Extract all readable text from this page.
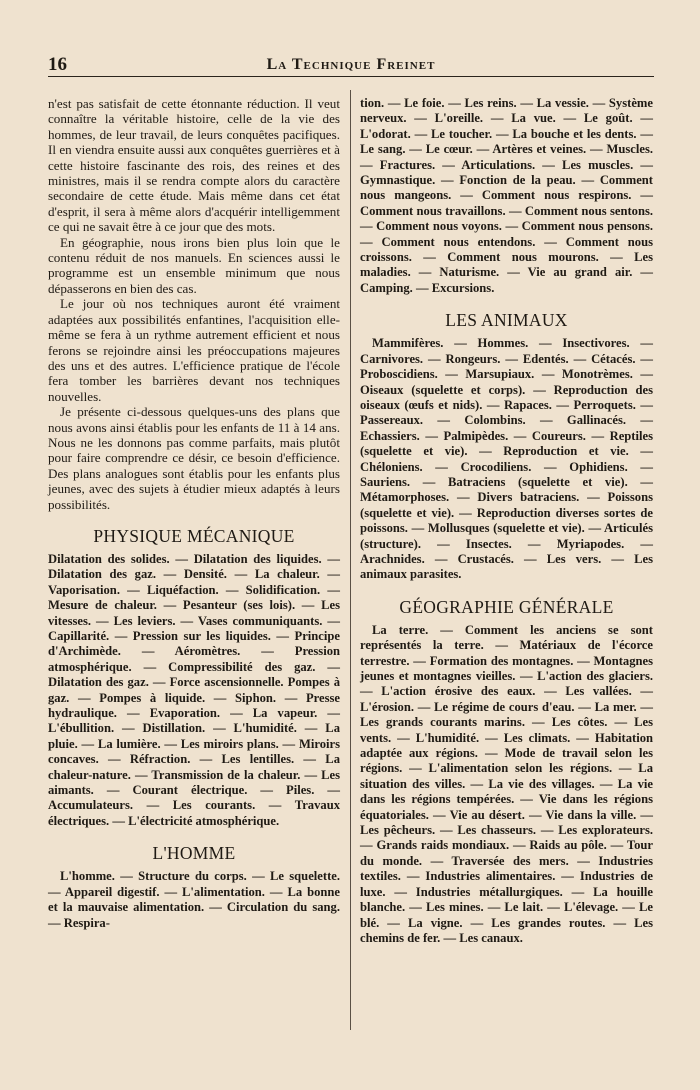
16	La Technique Freinet

n'est pas satisfait de cette étonnante réduction. Il veut connaître la véritable histoire, celle de la vie des hommes, de leur travail, de leurs conquêtes pacifiques. Il en viendra ensuite aussi aux conquêtes guerrières et à cette histoire fascinante des rois, des reines et des ministres, mais il se rendra compte alors du caractère secondaire de cette étude. Mais même dans cet état d'esprit, il sera à même alors d'acquérir intelligemment ce qui ne savait être à ce jour que des mots.

En géographie, nous irons bien plus loin que le contenu réduit de nos manuels. En sciences aussi le programme est un ensemble minimum que nous dépasserons en bien des cas.

Le jour où nos techniques auront été vraiment adaptées aux possibilités enfantines, l'acquisition elle-même se fera à un rythme autrement efficient et nous ferons se rejoindre ainsi les préoccupations majeures des uns et des autres. L'efficience pratique de l'école fera tomber les barrières devant nos techniques nouvelles.

Je présente ci-dessous quelques-uns des plans que nous avons ainsi établis pour les enfants de 11 à 14 ans. Nous ne les donnons pas comme parfaits, mais plutôt pour faire comprendre ce désir, ce besoin d'efficience. Des plans analogues sont établis pour les enfants plus jeunes, avec des sujets à étudier mieux adaptés à leurs possibilités.

PHYSIQUE MÉCANIQUE

Dilatation des solides. — Dilatation des liquides. — Dilatation des gaz. — Densité. — La chaleur. — Vaporisation. — Liquéfaction. — Solidification. — Mesure de chaleur. — Pesanteur (ses lois). — Les vitesses. — Les leviers. — Vases communiquants. — Capillarité. — Pression sur les liquides. — Principe d'Archimède. — Aéromètres. — Pression atmosphérique. — Compressibilité des gaz. — Dilatation des gaz. — Force ascensionnelle. Pompes à gaz. — Pompes à liquide. — Siphon. — Presse hydraulique. — Evaporation. — La vapeur. — L'ébullition. — Distillation. — L'humidité. — La pluie. — La lumière. — Les miroirs plans. — Miroirs concaves. — Réfraction. — Les lentilles. — La chaleur-nature. — Transmission de la chaleur. — Les aimants. — Courant électrique. — Piles. — Accumulateurs. — Les courants. — Travaux électriques. — L'électricité atmosphérique.

L'HOMME

L'homme. — Structure du corps. — Le squelette. — Appareil digestif. — L'alimentation. — La bonne et la mauvaise alimentation. — Circulation du sang. — Respira-

tion. — Le foie. — Les reins. — La vessie. — Système nerveux. — L'oreille. — La vue. — Le goût. — L'odorat. — Le toucher. — La bouche et les dents. — Le sang. — Le cœur. — Artères et veines. — Muscles. — Fractures. — Articulations. — Les muscles. — Gymnastique. — Fonction de la peau. — Comment nous mangeons. — Comment nous respirons. — Comment nous travaillons. — Comment nous sentons. — Comment nous voyons. — Comment nous pensons. — Comment nous entendons. — Comment nous croissons. — Comment nous mourons. — Les maladies. — Naturisme. — Vie au grand air. — Camping. — Excursions.

LES ANIMAUX

Mammifères. — Hommes. — Insectivores. — Carnivores. — Rongeurs. — Edentés. — Cétacés. — Proboscidiens. — Marsupiaux. — Monotrèmes. — Oiseaux (squelette et corps). — Reproduction des oiseaux (œufs et nids). — Rapaces. — Perroquets. — Passereaux. — Colombins. — Gallinacés. — Echassiers. — Palmipèdes. — Coureurs. — Reptiles (squelette et vie). — Reproduction et vie. — Chéloniens. — Crocodiliens. — Ophidiens. — Sauriens. — Batraciens (squelette et vie). — Métamorphoses. — Divers batraciens. — Poissons (squelette et vie). — Reproduction diverses sortes de poissons. — Mollusques (squelette et vie). — Articulés (structure). — Insectes. — Myriapodes. — Arachnides. — Crustacés. — Les vers. — Les animaux parasites.

GÉOGRAPHIE GÉNÉRALE

La terre. — Comment les anciens se sont représentés la terre. — Matériaux de l'écorce terrestre. — Formation des montagnes. — Montagnes jeunes et montagnes vieilles. — L'action des glaciers. — L'action érosive des eaux. — Les vallées. — L'érosion. — Le régime de cours d'eau. — La mer. — Les grands courants marins. — Les côtes. — Les vents. — L'humidité. — Les climats. — Habitation adaptée aux régions. — Mode de travail selon les régions. — L'alimentation selon les régions. — La situation des villes. — La vie des villages. — La vie dans les régions tempérées. — Vie dans les régions équatoriales. — Vie au désert. — Vie dans la ville. — Les pêcheurs. — Les chasseurs. — Les explorateurs. — Grands raids mondiaux. — Raids au pôle. — Tour du monde. — Traversée des mers. — Industries textiles. — Industries alimentaires. — Industries de luxe. — Industries métallurgiques. — La houille blanche. — Les mines. — Le lait. — L'élevage. — Le blé. — La vigne. — Les grandes routes. — Les chemins de fer. — Les canaux.
